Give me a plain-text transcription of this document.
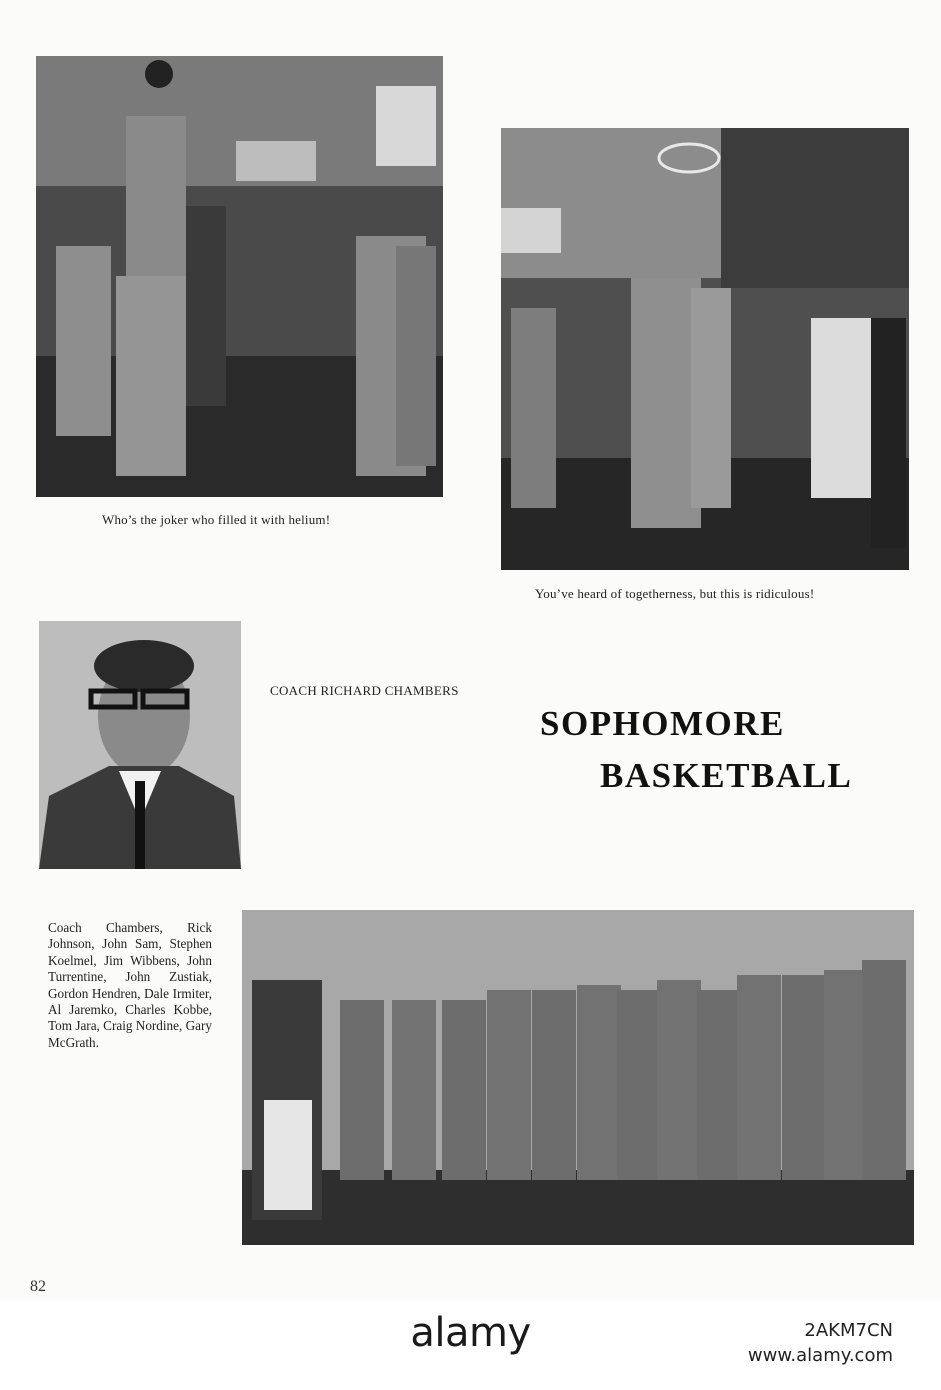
Who’s the joker who filled it with helium!
You’ve heard of togetherness, but this is ridiculous!
COACH RICHARD CHAMBERS
SOPHOMORE
BASKETBALL
Coach Chambers, Rick Johnson, John Sam, Stephen Koelmel, Jim Wibbens, John Turrentine, John Zustiak, Gordon Hendren, Dale Irmiter, Al Jaremko, Charles Kobbe, Tom Jara, Craig Nordine, Gary McGrath.
82
alamy	2AKM7CN
www.alamy.com
